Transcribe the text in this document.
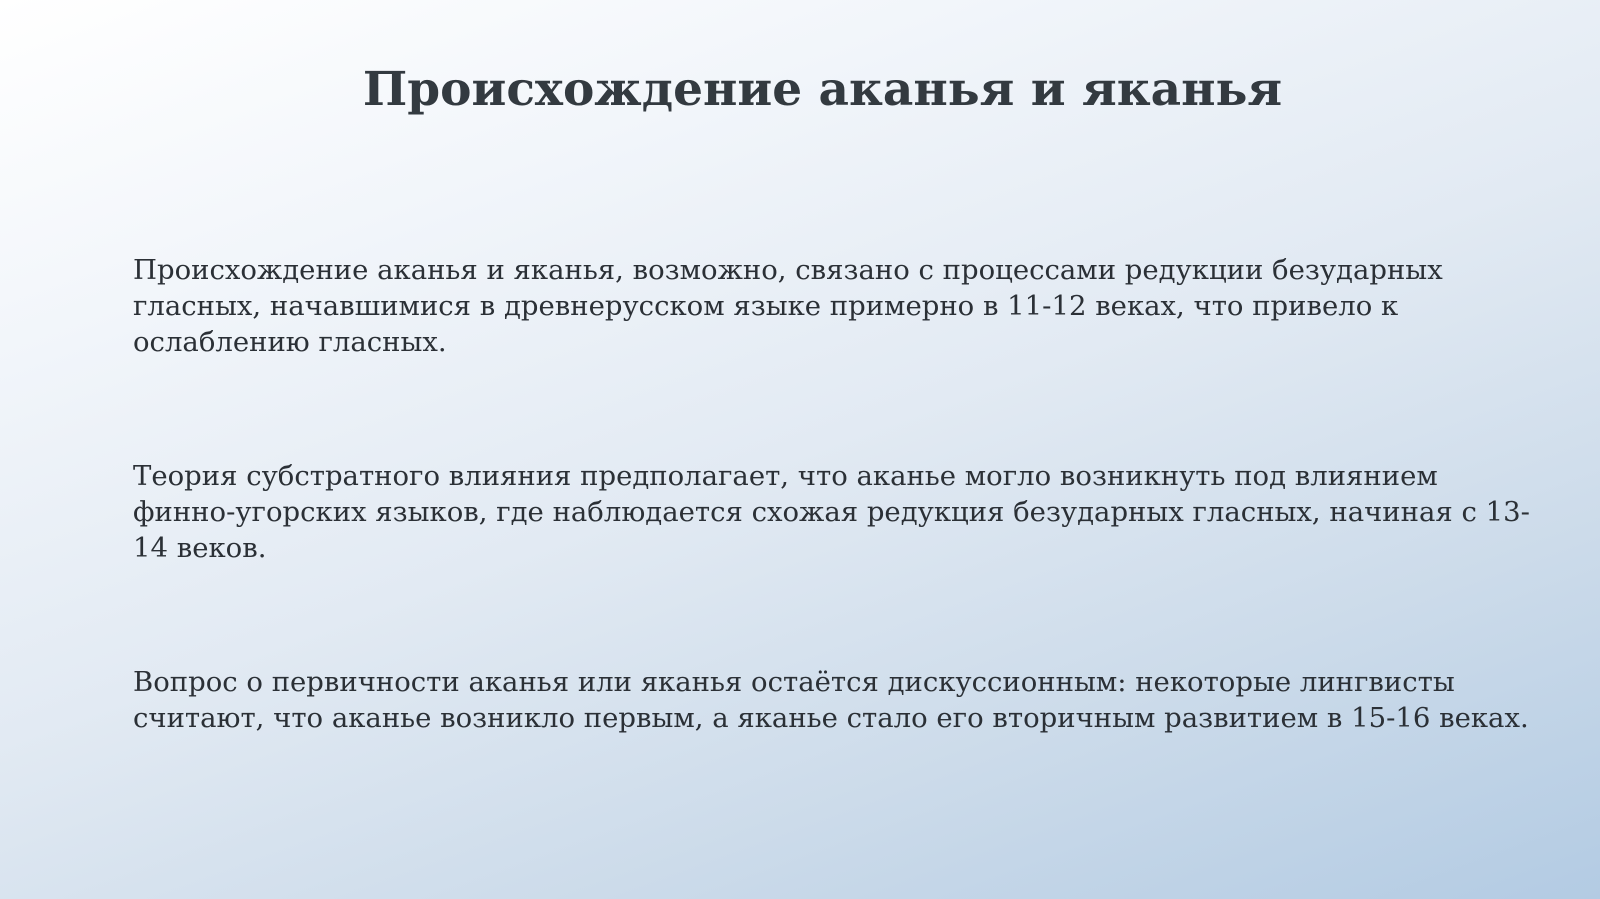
Происхождение аканья и яканья

Происхождение аканья и яканья, возможно, связано с процессами редукции безударных гласных, начавшимися в древнерусском языке примерно в 11-12 веках, что привело к ослаблению гласных.

Теория субстратного влияния предполагает, что аканье могло возникнуть под влиянием финно-угорских языков, где наблюдается схожая редукция безударных гласных, начиная с 13-14 веков.

Вопрос о первичности аканья или яканья остаётся дискуссионным: некоторые лингвисты считают, что аканье возникло первым, а яканье стало его вторичным развитием в 15-16 веках.
